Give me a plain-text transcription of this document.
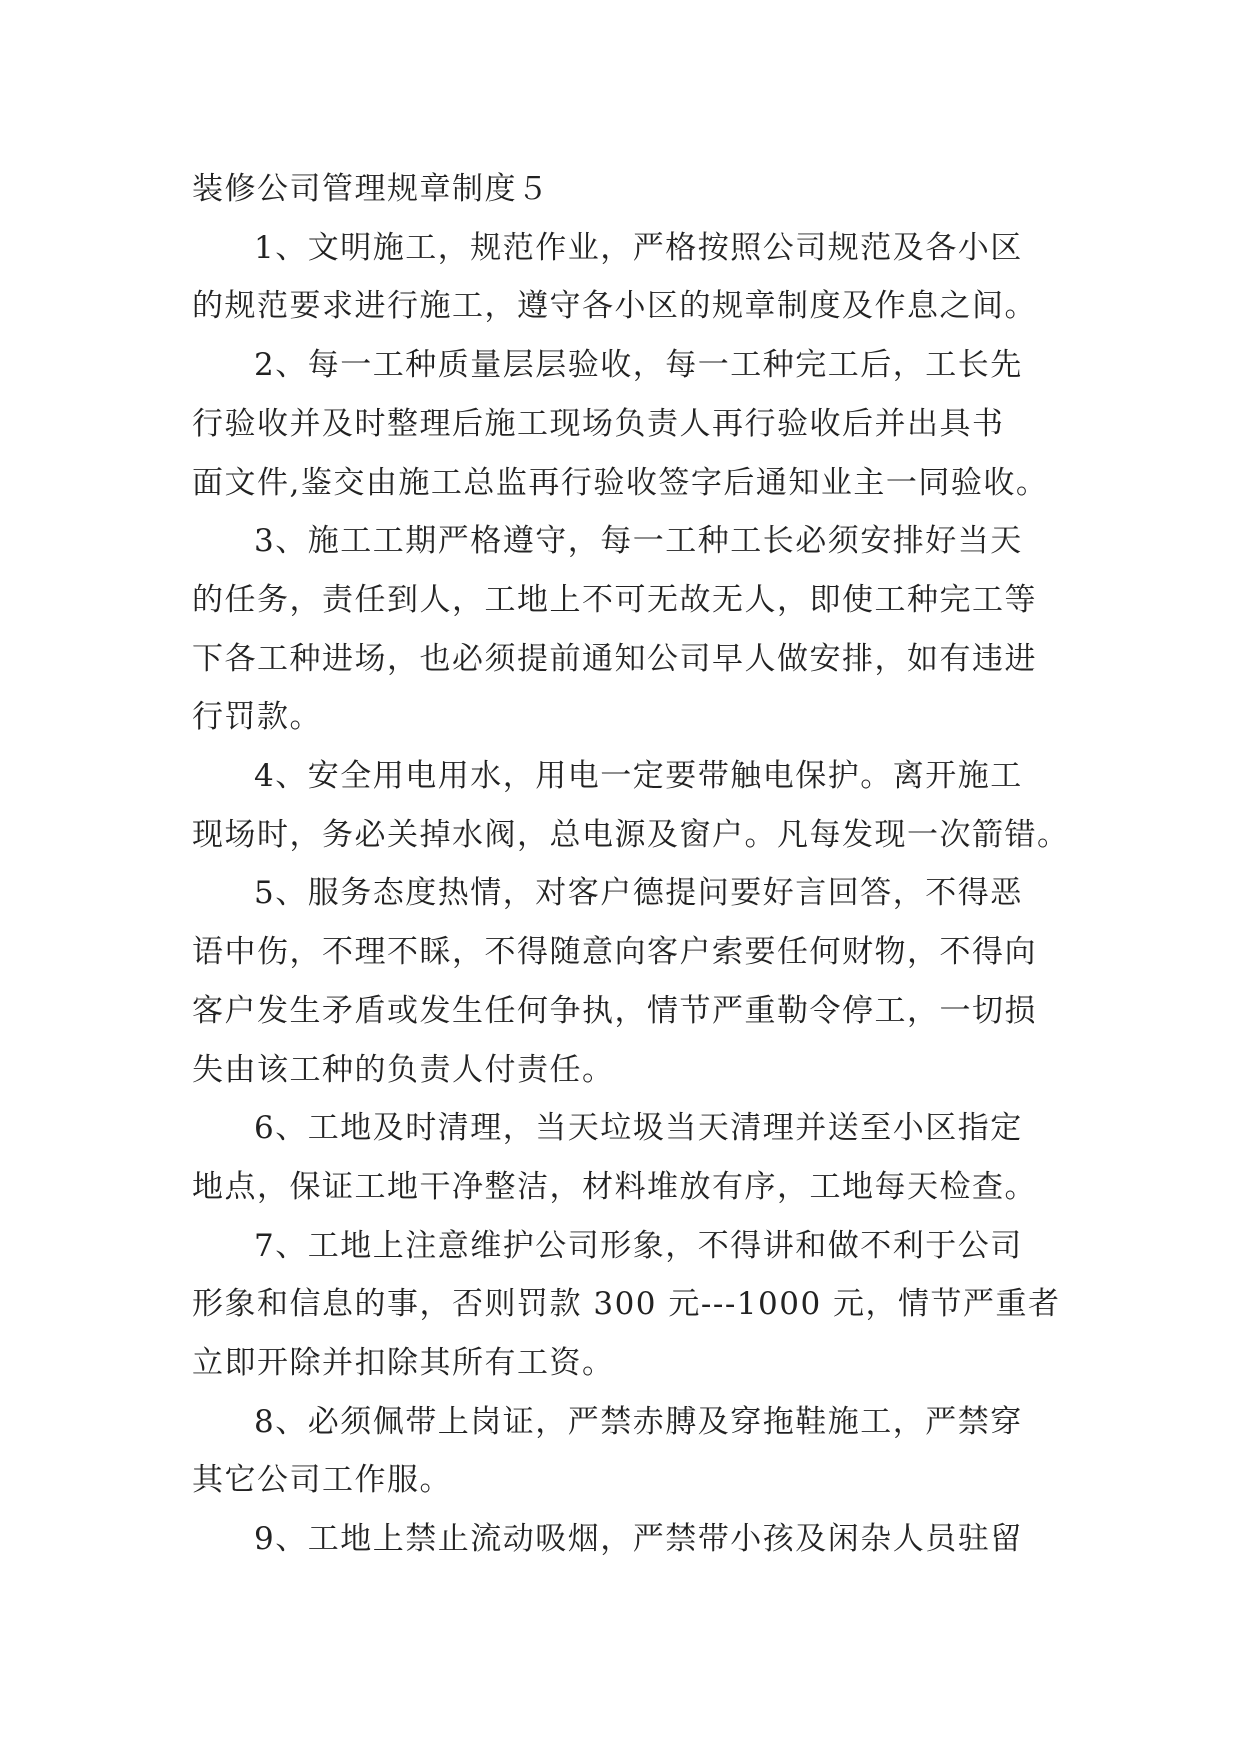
装修公司管理规章制度５
1、文明施工，规范作业，严格按照公司规范及各小区
的规范要求进行施工，遵守各小区的规章制度及作息之间。
2、每一工种质量层层验收，每一工种完工后，工长先
行验收并及时整理后施工现场负责人再行验收后并出具书
面文件,鉴交由施工总监再行验收签字后通知业主一同验收。
3、施工工期严格遵守，每一工种工长必须安排好当天
的任务，责任到人，工地上不可无故无人，即使工种完工等
下各工种进场，也必须提前通知公司早人做安排，如有违进
行罚款。
4、安全用电用水，用电一定要带触电保护。离开施工
现场时，务必关掉水阀，总电源及窗户。凡每发现一次箭错。
5、服务态度热情，对客户德提问要好言回答，不得恶
语中伤，不理不睬，不得随意向客户索要任何财物，不得向
客户发生矛盾或发生任何争执，情节严重勒令停工，一切损
失由该工种的负责人付责任。
6、工地及时清理，当天垃圾当天清理并送至小区指定
地点，保证工地干净整洁，材料堆放有序，工地每天检查。
7、工地上注意维护公司形象，不得讲和做不利于公司
形象和信息的事，否则罚款 300 元---1000 元，情节严重者
立即开除并扣除其所有工资。
8、必须佩带上岗证，严禁赤膊及穿拖鞋施工，严禁穿
其它公司工作服。
9、工地上禁止流动吸烟，严禁带小孩及闲杂人员驻留
